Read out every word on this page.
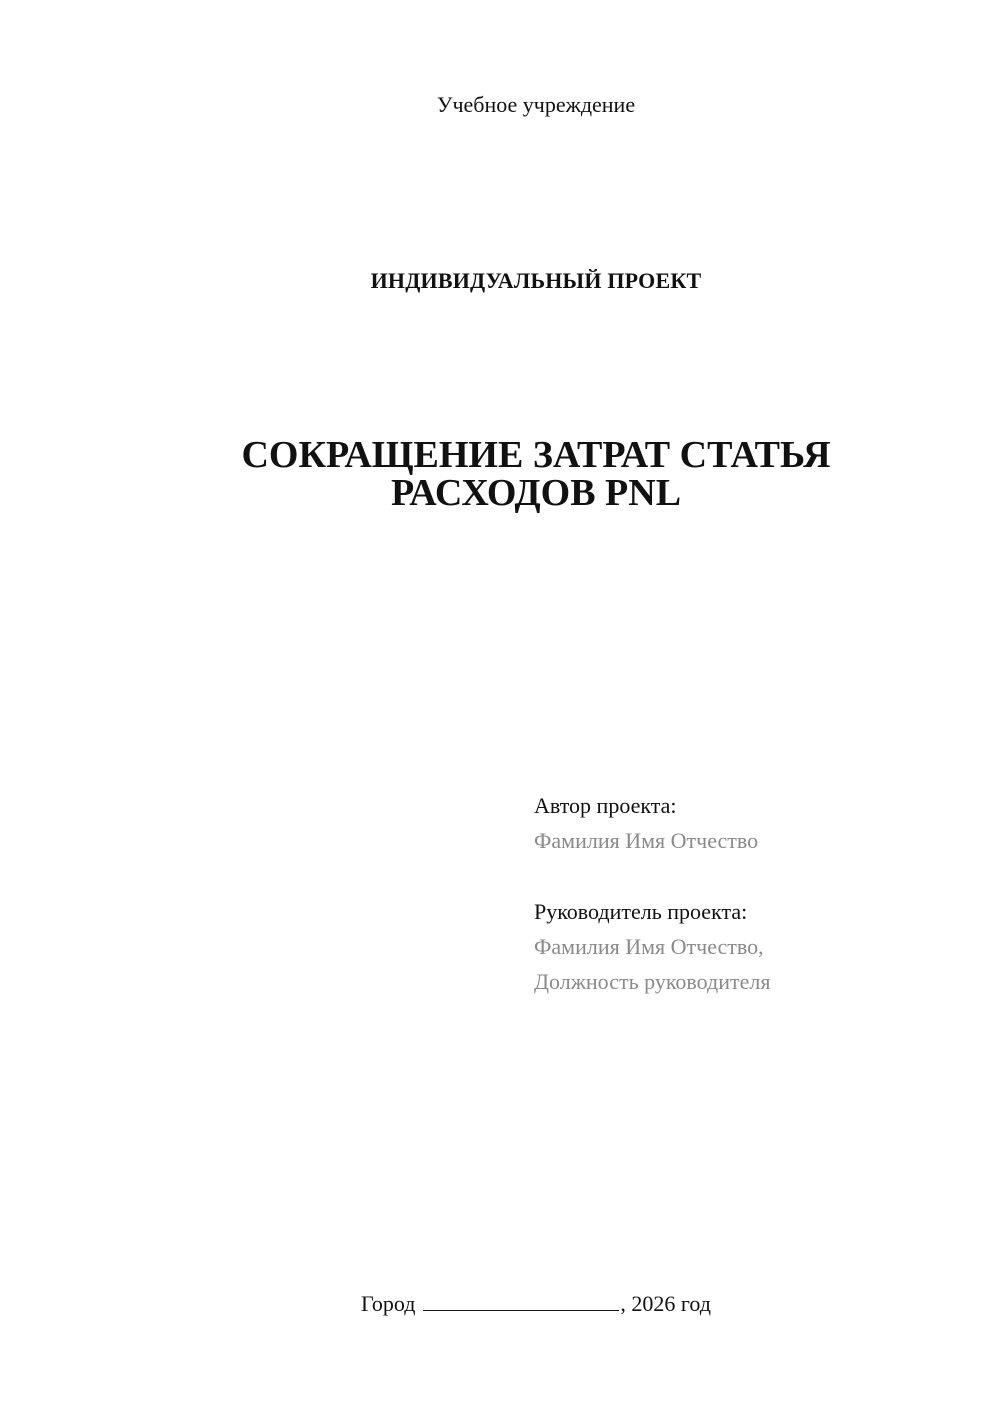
Учебное учреждение
ИНДИВИДУАЛЬНЫЙ ПРОЕКТ
СОКРАЩЕНИЕ ЗАТРАТ СТАТЬЯ
РАСХОДОВ PNL
Автор проекта:
Фамилия Имя Отчество
Руководитель проекта:
Фамилия Имя Отчество,
Должность руководителя
Город	, 2026 год
